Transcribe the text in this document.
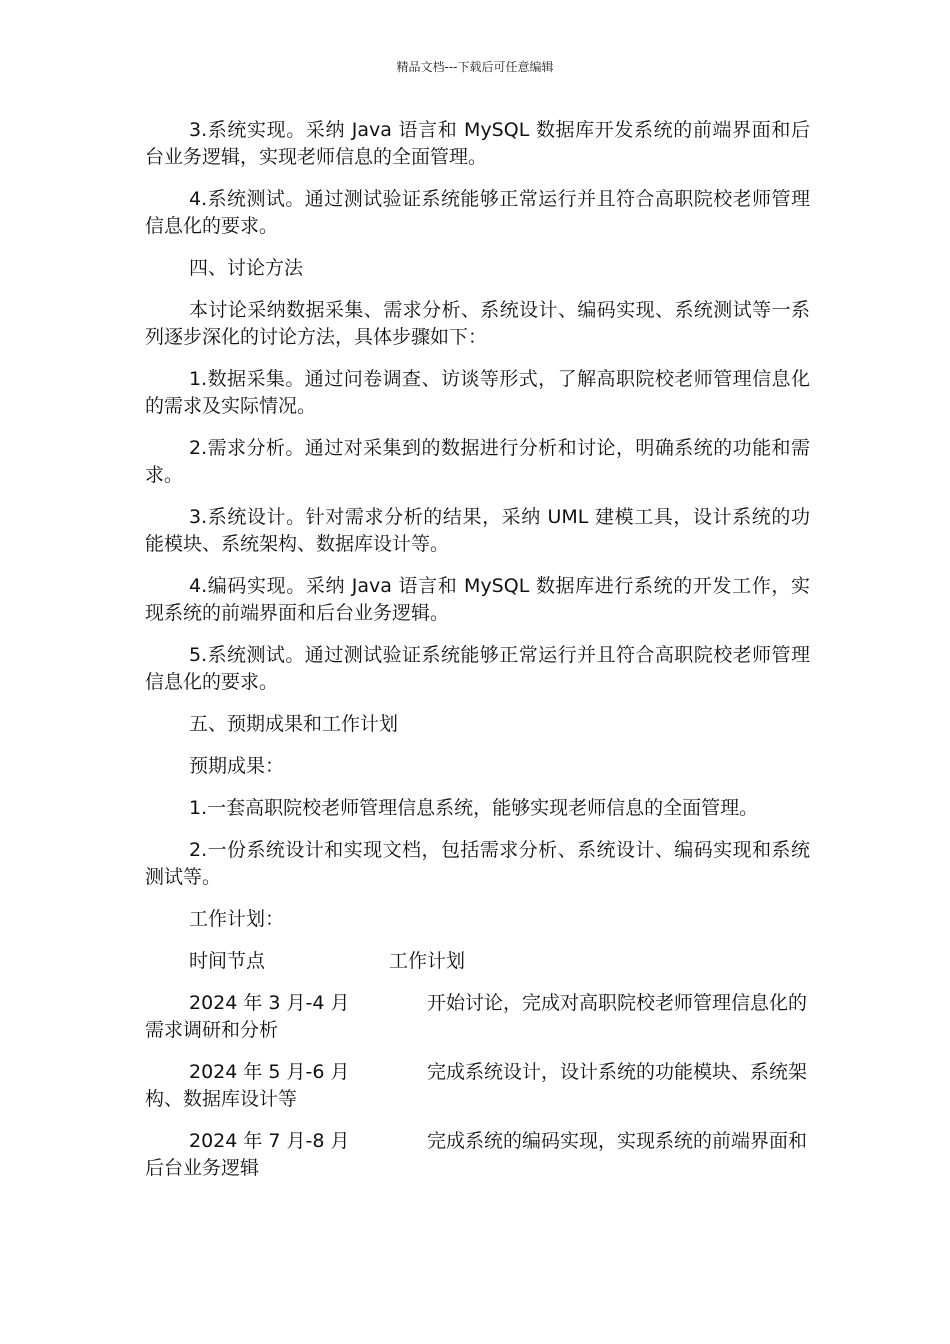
精品文档---下载后可任意编辑

3.系统实现。采纳 Java 语言和 MySQL 数据库开发系统的前端界面和后台业务逻辑，实现老师信息的全面管理。

4.系统测试。通过测试验证系统能够正常运行并且符合高职院校老师管理信息化的要求。

四、讨论方法

本讨论采纳数据采集、需求分析、系统设计、编码实现、系统测试等一系列逐步深化的讨论方法，具体步骤如下：

1.数据采集。通过问卷调查、访谈等形式，了解高职院校老师管理信息化的需求及实际情况。

2.需求分析。通过对采集到的数据进行分析和讨论，明确系统的功能和需求。

3.系统设计。针对需求分析的结果，采纳 UML 建模工具，设计系统的功能模块、系统架构、数据库设计等。

4.编码实现。采纳 Java 语言和 MySQL 数据库进行系统的开发工作，实现系统的前端界面和后台业务逻辑。

5.系统测试。通过测试验证系统能够正常运行并且符合高职院校老师管理信息化的要求。

五、预期成果和工作计划

预期成果：

1.一套高职院校老师管理信息系统，能够实现老师信息的全面管理。

2.一份系统设计和实现文档，包括需求分析、系统设计、编码实现和系统测试等。

工作计划：

时间节点	工作计划
2024 年 3 月-4 月	开始讨论，完成对高职院校老师管理信息化的需求调研和分析
2024 年 5 月-6 月	完成系统设计，设计系统的功能模块、系统架构、数据库设计等
2024 年 7 月-8 月	完成系统的编码实现，实现系统的前端界面和后台业务逻辑
